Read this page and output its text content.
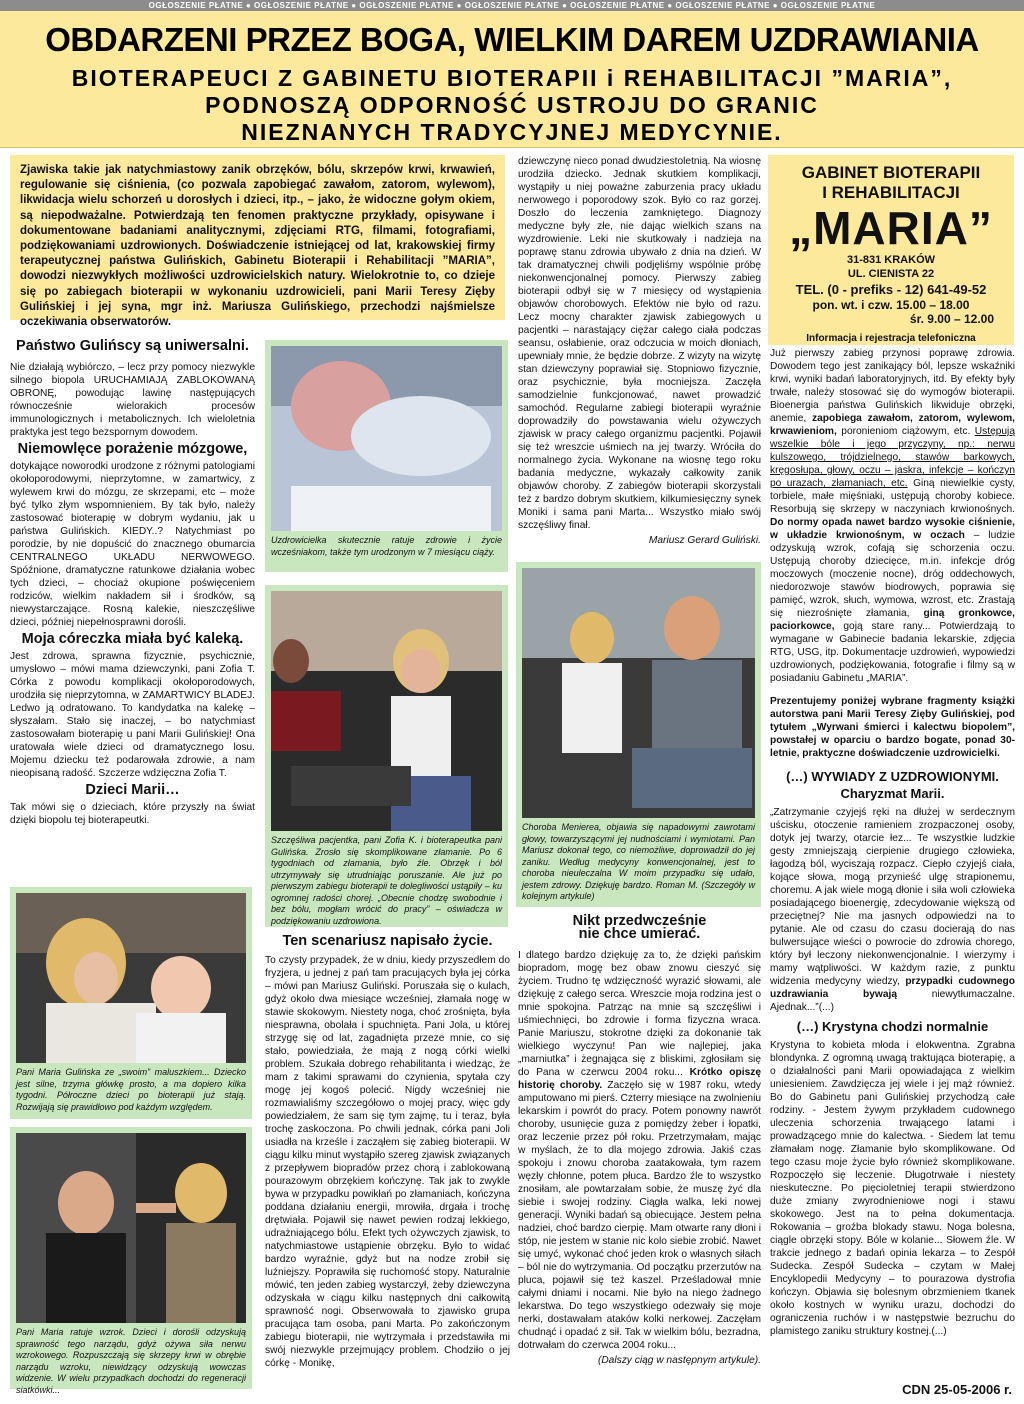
OGŁOSZENIE PŁATNE ● OGŁOSZENIE PŁATNE ● OGŁOSZENIE PŁATNE ● OGŁOSZENIE PŁATNE ● OGŁOSZENIE PŁATNE ● OGŁOSZENIE PŁATNE ● OGŁOSZENIE PŁATNE
OBDARZENI PRZEZ BOGA, WIELKIM DAREM UZDRAWIANIA
BIOTERAPEUCI Z GABINETU BIOTERAPII i REHABILITACJI ”MARIA”,
PODNOSZĄ ODPORNOŚĆ USTROJU DO GRANIC
NIEZNANYCH TRADYCYJNEJ MEDYCYNIE.
Zjawiska takie jak natychmiastowy zanik obrzęków, bólu, skrzepów krwi, krwawień, regulowanie się ciśnienia, (co pozwala zapobiegać zawałom, zatorom, wylewom), likwidacja wielu schorzeń u dorosłych i dzieci, itp., – jako, że widoczne gołym okiem, są niepodważalne. Potwierdzają ten fenomen praktyczne przykłady, opisywane i dokumentowane badaniami analitycznymi, zdjęciami RTG, filmami, fotografiami, podziękowaniami uzdrowionych. Doświadczenie istniejącej od lat, krakowskiej firmy terapeutycznej państwa Gulińskich, Gabinetu Bioterapii i Rehabilitacji ”MARIA”, dowodzi niezwykłych możliwości uzdrowicielskich natury. Wielokrotnie to, co dzieje się po zabiegach bioterapii w wykonaniu uzdrowicieli, pani Marii Teresy Zięby Gulińskiej i jej syna, mgr inż. Mariusza Gulińskiego, przechodzi najśmielsze oczekiwania obserwatorów.
GABINET BIOTERAPII
I REHABILITACJI
„MARIA”
31-831 KRAKÓW
UL. CIENISTA 22
TEL. (0 - prefiks - 12) 641-49-52
pon. wt. i czw. 15.00 – 18.00
śr. 9.00 – 12.00
Informacja i rejestracja telefoniczna
Państwo Gulińscy są uniwersalni.

Nie działają wybiórczo, – lecz przy pomocy niezwykle silnego biopola URUCHAMIAJĄ ZABLOKOWANĄ OBRONĘ, powodując lawinę następujących równocześnie wielorakich procesów immunologicznych i metabolicznych. Ich wieloletnia praktyka jest tego bezspornym dowodem.

Niemowlęce porażenie mózgowe,

dotykające noworodki urodzone z różnymi patologiami okołoporodowymi, nieprzytomne, w zamartwicy, z wylewem krwi do mózgu, ze skrzepami, etc – może być tylko złym wspomnieniem. By tak było, należy zastosować bioterapię w dobrym wydaniu, jak u państwa Gulińskich. KIEDY..? Natychmiast po porodzie, by nie dopuścić do znacznego obumarcia CENTRALNEGO UKŁADU NERWOWEGO. Spóźnione, dramatyczne ratunkowe działania wobec tych dzieci, – chociaż okupione poświęceniem rodziców, wielkim nakładem sił i środków, są niewystarczające. Rosną kalekie, nieszczęśliwe dzieci, później niepełnosprawni dorośli.

Moja córeczka miała być kaleką.

Jest zdrowa, sprawna fizycznie, psychicznie, umysłowo – mówi mama dziewczynki, pani Zofia T. Córka z powodu komplikacji okołoporodowych, urodziła się nieprzytomna, w ZAMARTWICY BLADEJ. Ledwo ją odratowano. To kandydatka na kalekę – słyszałam. Stało się inaczej, – bo natychmiast zastosowałam bioterapię u pani Marii Gulińskiej! Ona uratowała wiele dzieci od dramatycznego losu. Mojemu dziecku też podarowała zdrowie, a nam nieopisaną radość. Szczerze wdzięczna Zofia T.

Dzieci Marii…

Tak mówi się o dzieciach, które przyszły na świat dzięki biopolu tej bioterapeutki.

Pani Maria Gulińska ze „swoim” maluszkiem... Dziecko jest silne, trzyma główkę prosto, a ma dopiero kilka tygodni. Półroczne dzieci po bioterapii już stają. Rozwijają się prawidłowo pod każdym względem.
Pani Maria ratuje wzrok. Dzieci i dorośli odzyskują sprawność tego narządu, gdyż ożywa siła nerwu wzrokowego. Rozpuszczają się skrzepy krwi w obrębie narządu wzroku, niewidzący odzyskują wowczas widzenie. W wielu przypadkach dochodzi do regeneracji siatkówki...
Uzdrowicielka skutecznie ratuje zdrowie i życie wcześniakom, także tym urodzonym w 7 miesiącu ciąży.
Szczęśliwa pacjentka, pani Zofia K. i bioterapeutka pani Gulińska. Zrosło się skomplikowane złamanie. Po 6 tygodniach od złamania, było źle. Obrzęk i ból utrzymywały się utrudniając poruszanie. Ale już po pierwszym zabiegu bioterapii te dolegliwości ustąpiły – ku ogromnej radości chorej. „Obecnie chodzę swobodnie i bez bólu, mogłam wrócić do pracy” – oświadcza w podziękowaniu uzdrowiona.
Ten scenariusz napisało życie.

To czysty przypadek, że w dniu, kiedy przyszedłem do fryzjera, u jednej z pań tam pracujących była jej córka – mówi pan Mariusz Guliński. Poruszała się o kulach, gdyż około dwa miesiące wcześniej, złamała nogę w stawie skokowym. Niestety noga, choć zrośnięta, była niesprawna, obolała i spuchnięta. Pani Jola, u której strzygę się od lat, zagadnięta przeze mnie, co się stało, powiedziała, że mają z nogą córki wielki problem. Szukała dobrego rehabilitanta i wiedząc, że mam z takimi sprawami do czynienia, spytała czy mogę jej kogoś polecić. Nigdy wcześniej nie rozmawialiśmy szczegółowo o mojej pracy, więc gdy powiedziałem, że sam się tym zajmę, tu i teraz, była trochę zaskoczona. Po chwili jednak, córka pani Joli usiadła na krześle i zacząłem się zabieg bioterapii. W ciągu kilku minut wystąpiło szereg zjawisk związanych z przepływem biopradów przez chorą i zablokowaną pourazowym obrzękiem kończynę. Tak jak to zwykle bywa w przypadku powikłań po złamaniach, kończyna poddana działaniu energii, mrowiła, drgała i trochę drętwiała. Pojawił się nawet pewien rodzaj lekkiego, udrażniającego bólu. Efekt tych ożywczych zjawisk, to natychmiastowe ustąpienie obrzęku. Było to widać bardzo wyraźnie, gdyż but na nodze zrobił się luźniejszy. Poprawiła się ruchomość stopy. Naturalnie mówić, ten jeden zabieg wystarczył, żeby dziewczyna odzyskała w ciągu kilku następnych dni całkowitą sprawność nogi. Obserwowała to zjawisko grupa pracująca tam osoba, pani Marta. Po zakończonym zabiegu bioterapii, nie wytrzymała i przedstawiła mi swój niezwykle przejmujący problem. Chodziło o jej córkę - Monikę,

dziewczynę nieco ponad dwudziestoletnią. Na wiosnę urodziła dziecko. Jednak skutkiem komplikacji, wystąpiły u niej poważne zaburzenia pracy układu nerwowego i poporodowy szok. Było co raz gorzej. Doszło do leczenia zamkniętego. Diagnozy medyczne były złe, nie dając wielkich szans na wyzdrowienie. Leki nie skutkowały i nadzieja na poprawę stanu zdrowia ubywało z dnia na dzień. W tak dramatycznej chwili podjęliśmy wspólnie próbę niekonwencjonalnej pomocy. Pierwszy zabieg bioterapii odbył się w 7 miesięcy od wystąpienia objawów chorobowych. Efektów nie było od razu. Lecz mocny charakter zjawisk zabiegowych u pacjentki – narastający ciężar całego ciała podczas seansu, osłabienie, oraz odczucia w moich dłoniach, upewniały mnie, że będzie dobrze. Z wizyty na wizytę stan dziewczyny poprawiał się. Stopniowo fizycznie, oraz psychicznie, była mocniejsza. Zaczęła samodzielnie funkcjonować, nawet prowadzić samochód. Regularne zabiegi bioterapii wyraźnie doprowadziły do powstawania wielu ożywczych zjawisk w pracy całego organizmu pacjentki. Pojawił się też wreszcie uśmiech na jej twarzy. Wróciła do normalnego życia. Wykonane na wiosnę tego roku badania medyczne, wykazały całkowity zanik objawów choroby. Z zabiegów bioterapii skorzystali też z bardzo dobrym skutkiem, kilkumiesięczny synek Moniki i sama pani Marta... Wszystko miało swój szczęśliwy finał.

Mariusz Gerard Guliński.

Choroba Menierea, objawia się napadowymi zawrotami głowy, towarzyszącymi jej nudnościami i wymiotami. Pan Mariusz dokonał tego, co niemożliwe, doprowadził do jej zaniku. Według medycyny konwencjonalnej, jest to choroba nieuleczalna W moim przypadku się udało, jestem zdrowy. Dziękuję bardzo. Roman M. (Szczegóły w kolejnym artykule)
Nikt przedwcześnie
nie chce umierać.

I dlatego bardzo dziękuję za to, że dzięki pańskim biopradom, mogę bez obaw znowu cieszyć się życiem. Trudno tę wdzięczność wyrazić słowami, ale dziękuję z całego serca. Wreszcie moja rodzina jest o mnie spokojna. Patrząc na mnie są szczęśliwi i uśmiechnięci, bo zdrowie i forma fizyczna wraca. Panie Mariuszu, stokrotne dzięki za dokonanie tak wielkiego wyczynu! Pan wie najlepiej, jaka „marniutka” i żegnająca się z bliskimi, zgłosiłam się do Pana w czerwcu 2004 roku... Krótko opiszę historię choroby. Zaczęło się w 1987 roku, wtedy amputowano mi pierś. Czterry miesiące na zwolnieniu lekarskim i powrót do pracy. Potem ponowny nawrót choroby, usunięcie guza z pomiędzy żeber i łopatki, oraz leczenie przez pół roku. Przetrzymałam, mając w myślach, że to dla mojego zdrowia. Jakiś czas spokoju i znowu choroba zaatakowała, tym razem węzły chłonne, potem płuca. Bardzo źle to wszystko znosiłam, ale powtarzałam sobie, że muszę żyć dla siebie i swojej rodziny. Ciągła walka, leki nowej generacji. Wyniki badań są obiecujące. Jestem pełna nadziei, choć bardzo cierpię. Mam otwarte rany dłoni i stóp, nie jestem w stanie nic kolo siebie zrobić. Nawet się umyć, wykonać choć jeden krok o własnych siłach – ból nie do wytrzymania. Od początku przerzutów na pluca, pojawił się też kaszel. Prześladował mnie całymi dniami i nocami. Nie było na niego żadnego lekarstwa. Do tego wszystkiego odezwały się moje nerki, dostawałam ataków kolki nerkowej. Zaczęłam chudnąć i opadać z sił. Tak w wielkim bólu, bezradna, dotrwałam do czerwca 2004 roku...

(Dalszy ciąg w następnym artykule).

Już pierwszy zabieg przynosi poprawę zdrowia. Dowodem tego jest zanikający ból, lepsze wskaźniki krwi, wyniki badań laboratoryjnych, itd. By efekty były trwałe, należy stosować się do wymogów bioterapii. Bioenergia państwa Gulińskich likwiduje obrzęki, anemie, zapobiega zawałom, zatorom, wylewom, krwawieniom, poronieniom ciążowym, etc. Ustępują wszelkie bóle i jego przyczyny, np.: nerwu kulszowego, trójdzielnego, stawów barkowych, kręgosłupa, głowy, oczu – jaskra, infekcje – kończyn po urazach, złamaniach, etc. Giną niewielkie cysty, torbiele, małe mięśniaki, ustępują choroby kobiece. Resorbują się skrzepy w naczyniach krwionośnych. Do normy opada nawet bardzo wysokie ciśnienie, w układzie krwionośnym, w oczach – ludzie odzyskują wzrok, cofają się schorzenia oczu. Ustępują choroby dziecięce, m.in. infekcje dróg moczowych (moczenie nocne), dróg oddechowych, niedorozwoje stawów biodrowych, poprawia się pamięć, wzrok, słuch, wymowa, wzrost, etc. Zrastają się niezrośnięte złamania, giną gronkowce, paciorkowce, goją stare rany... Potwierdzają to wymagane w Gabinecie badania lekarskie, zdjęcia RTG, USG, itp. Dokumentacje uzdrowień, wypowiedzi uzdrowionych, podziękowania, fotografie i filmy są w posiadaniu Gabinetu „MARIA”.

Prezentujemy poniżej wybrane fragmenty książki autorstwa pani Marii Teresy Zięby Gulińskiej, pod tytułem „Wyrwani śmierci i kalectwu biopolem”, powstałej w oparciu o bardzo bogate, ponad 30-letnie, praktyczne doświadczenie uzdrowicielki.

(…) WYWIADY Z UZDROWIONYMI.
Charyzmat Marii.

„Zatrzymanie czyjejś ręki na dłużej w serdecznym uścisku, otoczenie ramieniem zrozpaczonej osoby, dotyk jej twarzy, otarcie łez... Te wszystkie ludzkie gesty zmniejszają cierpienie drugiego człowieka, łagodzą ból, wyciszają rozpacz. Ciepło czyjejś ciała, kojące słowa, mogą przynieść ulgę strapionemu, choremu. A jak wiele mogą dłonie i siła woli człowieka posiadającego bioenergię, zdecydowanie większą od przeciętnej? Nie ma jasnych odpowiedzi na to pytanie. Ale od czasu do czasu docierają do nas bulwersujące wieści o powrocie do zdrowia chorego, który był leczony niekonwencjonalnie. I wierzymy i mamy wątpliwości. W każdym razie, z punktu widzenia medycyny wiedzy, przypadki cudownego uzdrawiania bywają niewytłumaczalne. Ajednak...”(...)

(…) Krystyna chodzi normalnie

Krystyna to kobieta młoda i elokwentna. Zgrabna blondynka. Z ogromną uwagą traktująca bioterapię, a o działalności pani Marii opowiadająca z wielkim uniesieniem. Zawdzięcza jej wiele i jej mąż również. Bo do Gabinetu pani Gulińskiej przychodzą całe rodziny. - Jestem żywym przykładem cudownego uleczenia schorzenia trwającego latami i prowadzącego mnie do kalectwa. - Siedem lat temu złamałam nogę. Złamanie było skomplikowane. Od tego czasu moje życie było również skomplikowane. Rozpoczęło się leczenie. Długotrwałe i niestety nieskuteczne. Po pięcioletniej terapii stwierdzono duże zmiany zwyrodnieniowe nogi i stawu skokowego. Jest na to pełna dokumentacja. Rokowania – groźba blokady stawu. Noga bolesna, ciągle obrzęki stopy. Bóle w kolanie... Słowem źle. W trakcie jednego z badań opinia lekarza – to Zespół Sudecka. Zespół Sudecka – czytam w Małej Encyklopedii Medycyny – to pourazowa dystrofia kończyn. Objawia się bolesnym obrzmieniem tkanek około kostnych w wyniku urazu, dochodzi do ograniczenia ruchów i w następstwie bezruchu do plamistego zaniku struktury kostnej.(...)

CDN 25-05-2006 r.
